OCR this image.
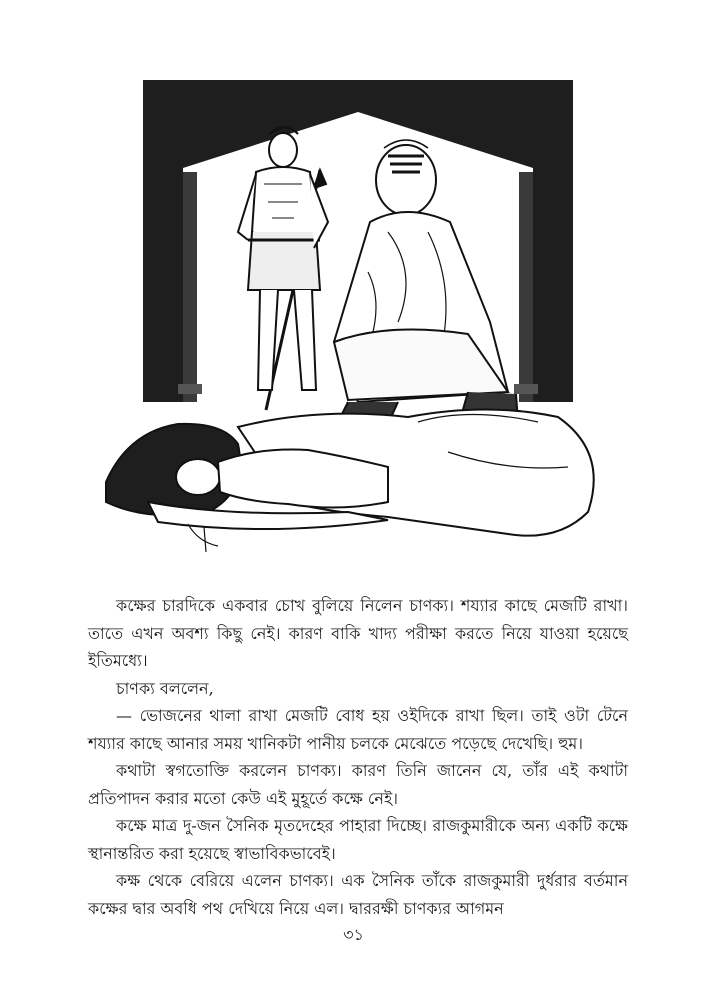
কক্ষের চারদিকে একবার চোখ বুলিয়ে নিলেন চাণক্য। শয্যার কাছে মেজটি রাখা। তাতে এখন অবশ্য কিছু নেই। কারণ বাকি খাদ্য পরীক্ষা করতে নিয়ে যাওয়া হয়েছে ইতিমধ্যে।

চাণক্য বললেন,

— ভোজনের থালা রাখা মেজটি বোধ হয় ওইদিকে রাখা ছিল। তাই ওটা টেনে শয্যার কাছে আনার সময় খানিকটা পানীয় চলকে মেঝেতে পড়েছে দেখেছি। হুম।

কথাটা স্বগতোক্তি করলেন চাণক্য। কারণ তিনি জানেন যে, তাঁর এই কথাটা প্রতিপাদন করার মতো কেউ এই মুহূর্তে কক্ষে নেই।

কক্ষে মাত্র দু-জন সৈনিক মৃতদেহের পাহারা দিচ্ছে। রাজকুমারীকে অন্য একটি কক্ষে স্থানান্তরিত করা হয়েছে স্বাভাবিকভাবেই।

কক্ষ থেকে বেরিয়ে এলেন চাণক্য। এক সৈনিক তাঁকে রাজকুমারী দুর্ধরার বর্তমান কক্ষের দ্বার অবধি পথ দেখিয়ে নিয়ে এল। দ্বাররক্ষী চাণক্যর আগমন

৩১
